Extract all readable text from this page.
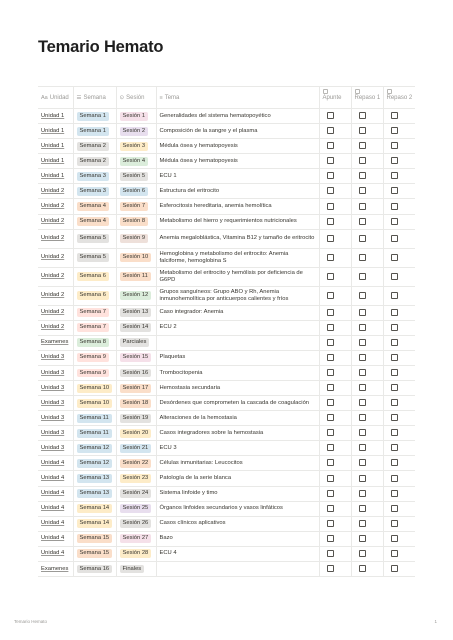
Temario Hemato
Aa Unidad	☰ Semana	⊙ Sesión	≡ Tema	Apunte	Repaso 1	Repaso 2
Unidad 1	Semana 1	Sesión 1	Generalidades del sistema hematopoyético			
Unidad 1	Semana 1	Sesión 2	Composición de la sangre y el plasma			
Unidad 1	Semana 2	Sesión 3	Médula ósea y hematopoyesis			
Unidad 1	Semana 2	Sesión 4	Médula ósea y hematopoyesis			
Unidad 1	Semana 3	Sesión 5	ECU 1			
Unidad 2	Semana 3	Sesión 6	Estructura del eritrocito			
Unidad 2	Semana 4	Sesión 7	Esferocitosis hereditaria, anemia hemolítica			
Unidad 2	Semana 4	Sesión 8	Metabolismo del hierro y requerimientos nutricionales			
Unidad 2	Semana 5	Sesión 9	Anemia megaloblástica, Vitamina B12 y tamaño de eritrocito			
Unidad 2	Semana 5	Sesión 10	Hemoglobina y metabolismo del eritrocito: Anemia falciforme, hemoglobina S			
Unidad 2	Semana 6	Sesión 11	Metabolismo del eritrocito y hemólisis por deficiencia de G6PD			
Unidad 2	Semana 6	Sesión 12	Grupos sanguíneos: Grupo ABO y Rh, Anemia inmunohemolítica por anticuerpos calientes y fríos			
Unidad 2	Semana 7	Sesión 13	Caso integrador: Anemia			
Unidad 2	Semana 7	Sesión 14	ECU 2			
Examenes	Semana 8	Parciales				
Unidad 3	Semana 9	Sesión 15	Plaquetas			
Unidad 3	Semana 9	Sesión 16	Trombocitopenia			
Unidad 3	Semana 10	Sesión 17	Hemostasia secundaria			
Unidad 3	Semana 10	Sesión 18	Desórdenes que comprometen la cascada de coagulación			
Unidad 3	Semana 11	Sesión 19	Alteraciones de la hemostasia			
Unidad 3	Semana 11	Sesión 20	Casos integradores sobre la hemostasia			
Unidad 3	Semana 12	Sesión 21	ECU 3			
Unidad 4	Semana 12	Sesión 22	Células inmunitarias: Leucocitos			
Unidad 4	Semana 13	Sesión 23	Patología de la serie blanca			
Unidad 4	Semana 13	Sesión 24	Sistema linfoide y timo			
Unidad 4	Semana 14	Sesión 25	Órganos linfoides secundarios y vasos linfáticos			
Unidad 4	Semana 14	Sesión 26	Casos clínicos aplicativos			
Unidad 4	Semana 15	Sesión 27	Bazo			
Unidad 4	Semana 15	Sesión 28	ECU 4			
Examenes	Semana 16	Finales				
Temario Hemato	1
